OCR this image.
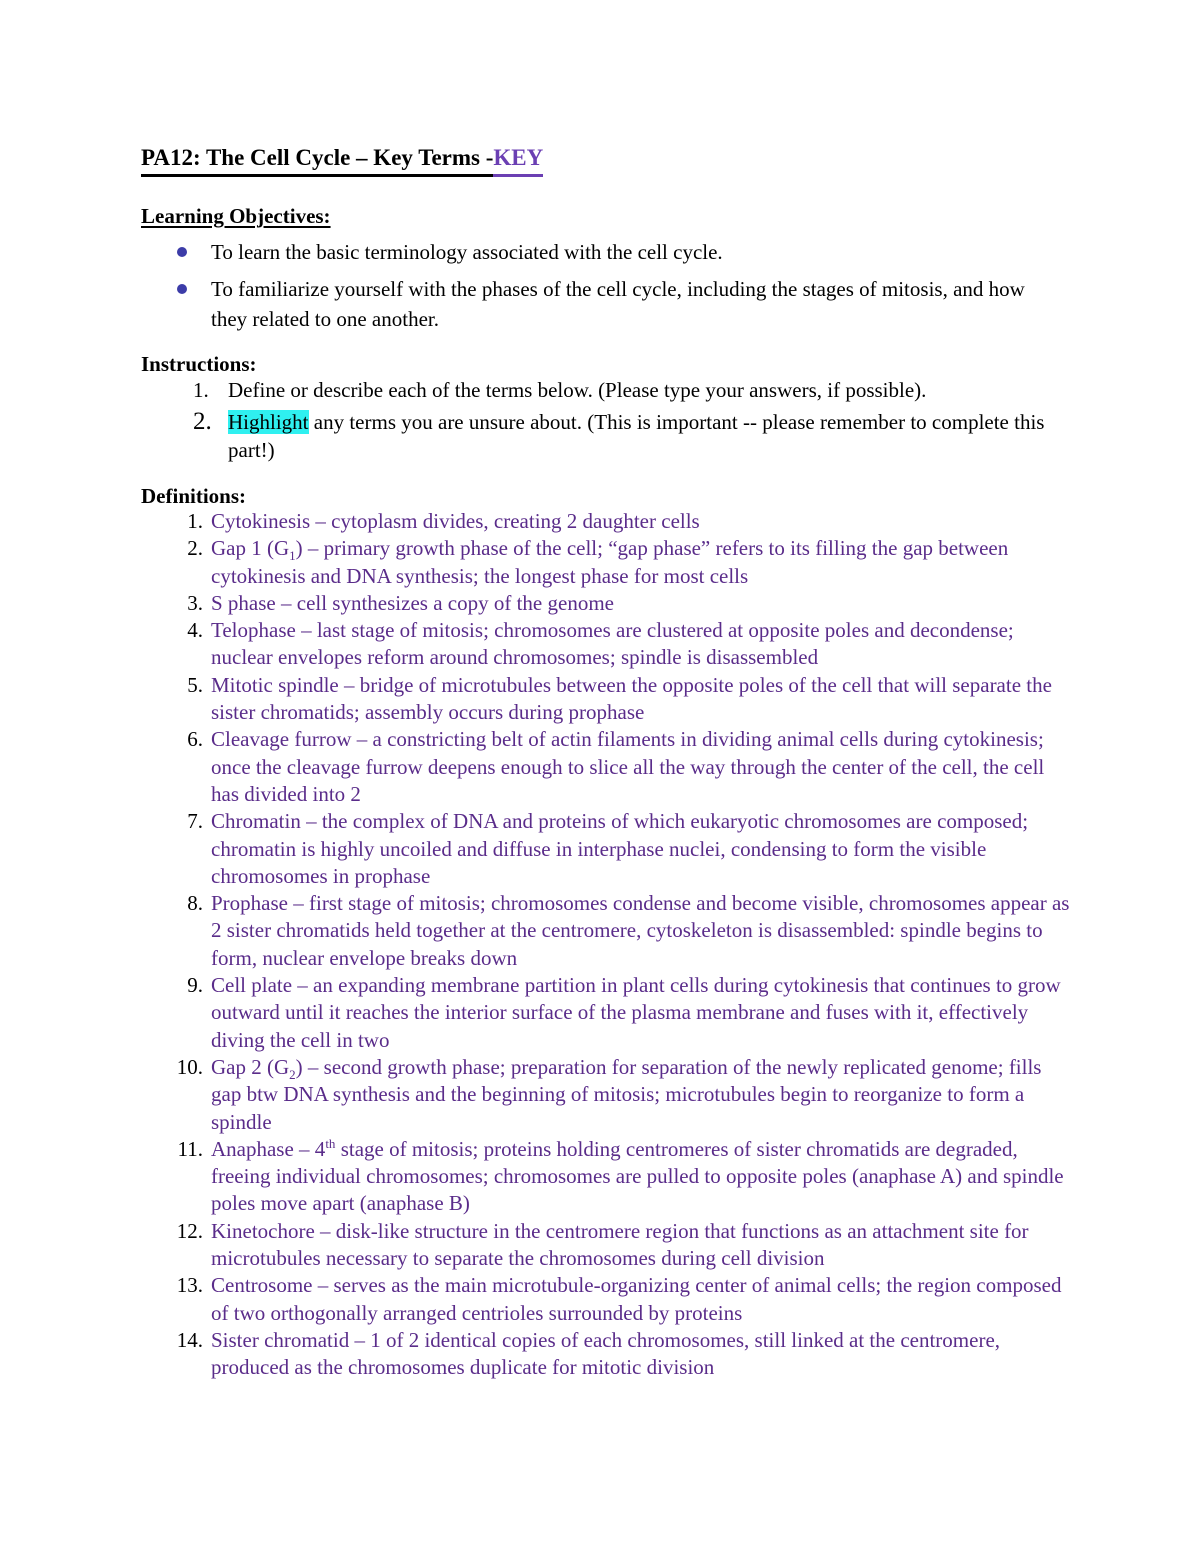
PA12: The Cell Cycle – Key Terms -KEY
Learning Objectives:
To learn the basic terminology associated with the cell cycle.
To familiarize yourself with the phases of the cell cycle, including the stages of mitosis, and how they related to one another.
Instructions:
1. Define or describe each of the terms below. (Please type your answers, if possible).
2. Highlight any terms you are unsure about. (This is important -- please remember to complete this part!)
Definitions:
1. Cytokinesis – cytoplasm divides, creating 2 daughter cells
2. Gap 1 $(G_1)$ – primary growth phase of the cell; “gap phase” refers to its filling the gap between cytokinesis and DNA synthesis; the longest phase for most cells
3. S phase – cell synthesizes a copy of the genome
4. Telophase – last stage of mitosis; chromosomes are clustered at opposite poles and decondense; nuclear envelopes reform around chromosomes; spindle is disassembled
5. Mitotic spindle – bridge of microtubules between the opposite poles of the cell that will separate the sister chromatids; assembly occurs during prophase
6. Cleavage furrow – a constricting belt of actin filaments in dividing animal cells during cytokinesis; once the cleavage furrow deepens enough to slice all the way through the center of the cell, the cell has divided into 2
7. Chromatin – the complex of DNA and proteins of which eukaryotic chromosomes are composed; chromatin is highly uncoiled and diffuse in interphase nuclei, condensing to form the visible chromosomes in prophase
8. Prophase – first stage of mitosis; chromosomes condense and become visible, chromosomes appear as 2 sister chromatids held together at the centromere, cytoskeleton is disassembled: spindle begins to form, nuclear envelope breaks down
9. Cell plate – an expanding membrane partition in plant cells during cytokinesis that continues to grow outward until it reaches the interior surface of the plasma membrane and fuses with it, effectively diving the cell in two
10. Gap 2 $(G_2)$ – second growth phase; preparation for separation of the newly replicated genome; fills gap btw DNA synthesis and the beginning of mitosis; microtubules begin to reorganize to form a spindle
11. Anaphase – 4th stage of mitosis; proteins holding centromeres of sister chromatids are degraded, freeing individual chromosomes; chromosomes are pulled to opposite poles (anaphase A) and spindle poles move apart (anaphase B)
12. Kinetochore – disk-like structure in the centromere region that functions as an attachment site for microtubules necessary to separate the chromosomes during cell division
13. Centrosome – serves as the main microtubule-organizing center of animal cells; the region composed of two orthogonally arranged centrioles surrounded by proteins
14. Sister chromatid – 1 of 2 identical copies of each chromosomes, still linked at the centromere, produced as the chromosomes duplicate for mitotic division
